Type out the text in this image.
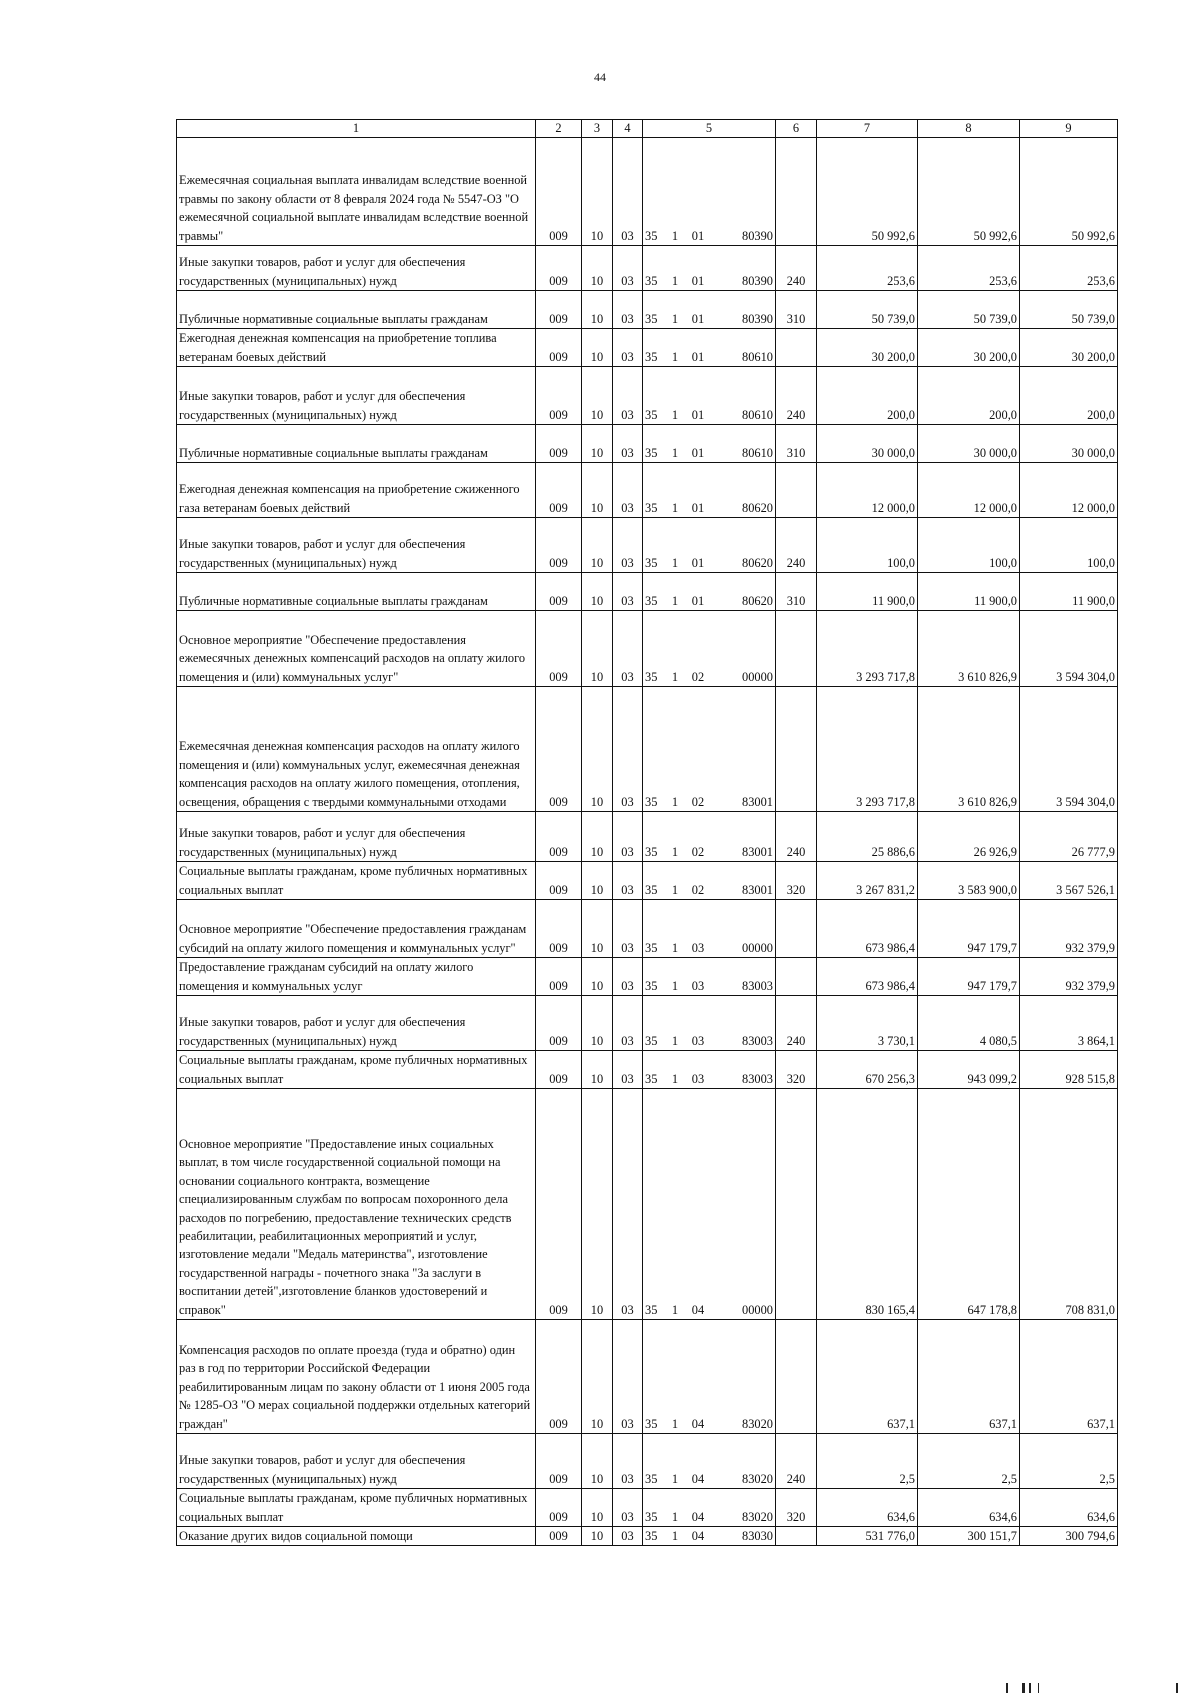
44
1	2	3	4	5	6	7	8	9
Ежемесячная социальная выплата инвалидам вследствие военной травмы по закону области от 8 февраля 2024 года № 5547-ОЗ "О ежемесячной социальной выплате инвалидам вследствие военной травмы"	009	10	03	35 1 01 80390		50 992,6	50 992,6	50 992,6
Иные закупки товаров, работ и услуг для обеспечения государственных (муниципальных) нужд	009	10	03	35 1 01 80390	240	253,6	253,6	253,6
Публичные нормативные социальные выплаты гражданам	009	10	03	35 1 01 80390	310	50 739,0	50 739,0	50 739,0
Ежегодная денежная компенсация на приобретение топлива ветеранам боевых действий	009	10	03	35 1 01 80610		30 200,0	30 200,0	30 200,0
Иные закупки товаров, работ и услуг для обеспечения государственных (муниципальных) нужд	009	10	03	35 1 01 80610	240	200,0	200,0	200,0
Публичные нормативные социальные выплаты гражданам	009	10	03	35 1 01 80610	310	30 000,0	30 000,0	30 000,0
Ежегодная денежная компенсация на приобретение сжиженного газа ветеранам боевых действий	009	10	03	35 1 01 80620		12 000,0	12 000,0	12 000,0
Иные закупки товаров, работ и услуг для обеспечения государственных (муниципальных) нужд	009	10	03	35 1 01 80620	240	100,0	100,0	100,0
Публичные нормативные социальные выплаты гражданам	009	10	03	35 1 01 80620	310	11 900,0	11 900,0	11 900,0
Основное мероприятие "Обеспечение предоставления ежемесячных денежных компенсаций расходов на оплату жилого помещения и (или) коммунальных услуг"	009	10	03	35 1 02 00000		3 293 717,8	3 610 826,9	3 594 304,0
Ежемесячная денежная компенсация расходов на оплату жилого помещения и (или) коммунальных услуг, ежемесячная денежная компенсация расходов на оплату жилого помещения, отопления, освещения, обращения с твердыми коммунальными отходами	009	10	03	35 1 02 83001		3 293 717,8	3 610 826,9	3 594 304,0
Иные закупки товаров, работ и услуг для обеспечения государственных (муниципальных) нужд	009	10	03	35 1 02 83001	240	25 886,6	26 926,9	26 777,9
Социальные выплаты гражданам, кроме публичных нормативных социальных выплат	009	10	03	35 1 02 83001	320	3 267 831,2	3 583 900,0	3 567 526,1
Основное мероприятие "Обеспечение предоставления гражданам субсидий на оплату жилого помещения и коммунальных услуг"	009	10	03	35 1 03 00000		673 986,4	947 179,7	932 379,9
Предоставление гражданам субсидий на оплату жилого помещения и коммунальных услуг	009	10	03	35 1 03 83003		673 986,4	947 179,7	932 379,9
Иные закупки товаров, работ и услуг для обеспечения государственных (муниципальных) нужд	009	10	03	35 1 03 83003	240	3 730,1	4 080,5	3 864,1
Социальные выплаты гражданам, кроме публичных нормативных социальных выплат	009	10	03	35 1 03 83003	320	670 256,3	943 099,2	928 515,8
Основное мероприятие "Предоставление иных социальных выплат, в том числе государственной социальной помощи на основании социального контракта, возмещение специализированным службам по вопросам похоронного дела расходов по погребению, предоставление технических средств реабилитации, реабилитационных мероприятий и услуг, изготовление медали "Медаль материнства", изготовление государственной награды - почетного знака "За заслуги в воспитании детей",изготовление бланков удостоверений и справок"	009	10	03	35 1 04 00000		830 165,4	647 178,8	708 831,0
Компенсация расходов по оплате проезда (туда и обратно) один раз в год по территории Российской Федерации реабилитированным лицам по закону области от 1 июня 2005 года № 1285-ОЗ "О мерах социальной поддержки отдельных категорий граждан"	009	10	03	35 1 04 83020		637,1	637,1	637,1
Иные закупки товаров, работ и услуг для обеспечения государственных (муниципальных) нужд	009	10	03	35 1 04 83020	240	2,5	2,5	2,5
Социальные выплаты гражданам, кроме публичных нормативных социальных выплат	009	10	03	35 1 04 83020	320	634,6	634,6	634,6
Оказание других видов социальной помощи	009	10	03	35 1 04 83030		531 776,0	300 151,7	300 794,6
